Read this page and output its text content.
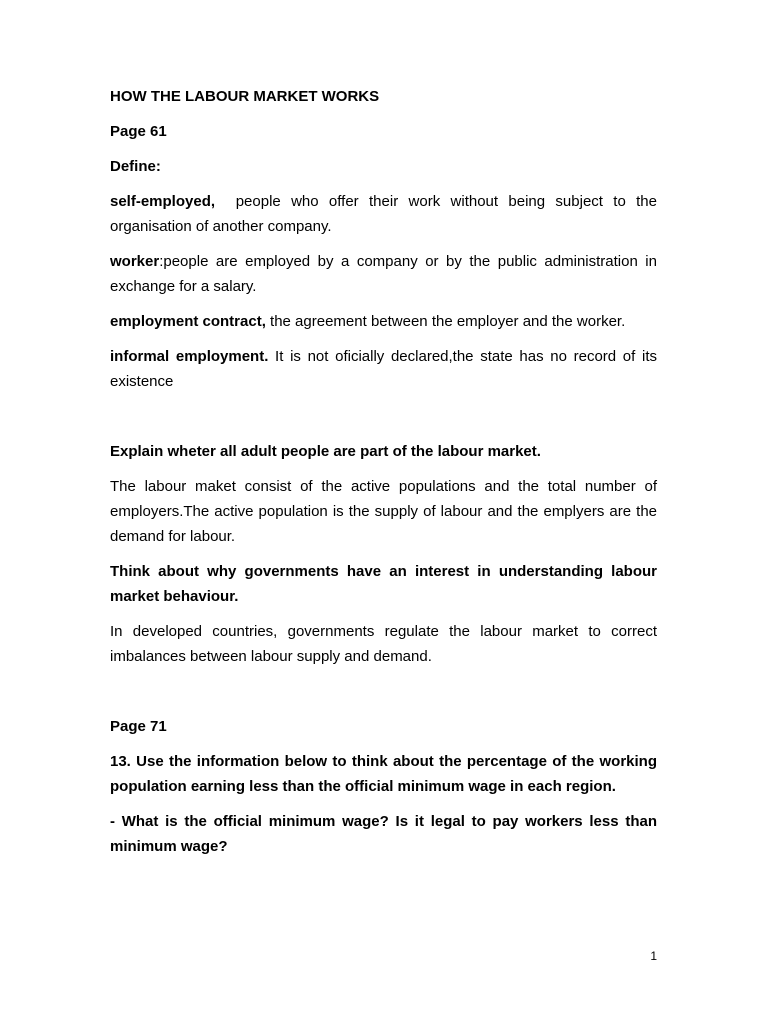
HOW THE LABOUR MARKET WORKS

Page 61

Define:

self-employed,  people who offer their work without being subject to the organisation of another company.

worker:people are employed by a company or by the public administration in exchange for a salary.

employment contract, the agreement between the employer and the worker.

informal employment. It is not oficially declared,the state has no record of its existence

Explain wheter all adult people are part of the labour market.

The labour maket consist of the active populations and the total number of employers.The active population is the supply of labour and the emplyers are the demand for labour.

Think about why governments have an interest in understanding labour market behaviour.

In developed countries, governments regulate the labour market to correct imbalances between labour supply and demand.

Page 71

13. Use the information below to think about the percentage of the working population earning less than the official minimum wage in each region.

- What is the official minimum wage? Is it legal to pay workers less than minimum wage?

1
